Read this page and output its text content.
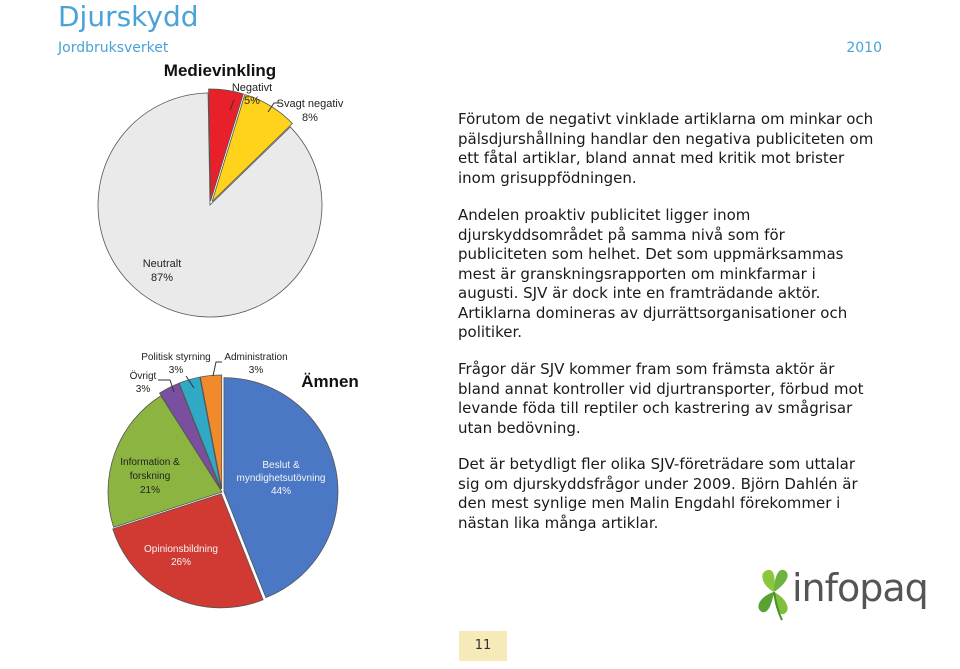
Djurskydd
Jordbruksverket	2010
Medievinkling
Negativt
5% Svagt negativ
8%
Neutralt
87%
Ämnen
Beslut &
myndighetsutövning
44%
Opinionsbildning
26%
Information &
forskning
21%
Övrigt
3%
Politisk styrning
3%
Administration
3%
Förutom de negativt vinklade artiklarna om minkar och pälsdjurshållning handlar den negativa publiciteten om ett fåtal artiklar, bland annat med kritik mot brister inom grisuppfödningen.
Andelen proaktiv publicitet ligger inom djurskyddsområdet på samma nivå som för publiciteten som helhet. Det som uppmärksammas mest är granskningsrapporten om minkfarmar i augusti. SJV är dock inte en framträdande aktör. Artiklarna domineras av djurrättsorganisationer och politiker.
Frågor där SJV kommer fram som främsta aktör är bland annat kontroller vid djurtransporter, förbud mot levande föda till reptiler och kastrering av smågrisar utan bedövning.
Det är betydligt fler olika SJV-företrädare som uttalar sig om djurskyddsfrågor under 2009. Björn Dahlén är den mest synlige men Malin Engdahl förekommer i nästan lika många artiklar.
infopaq
11
